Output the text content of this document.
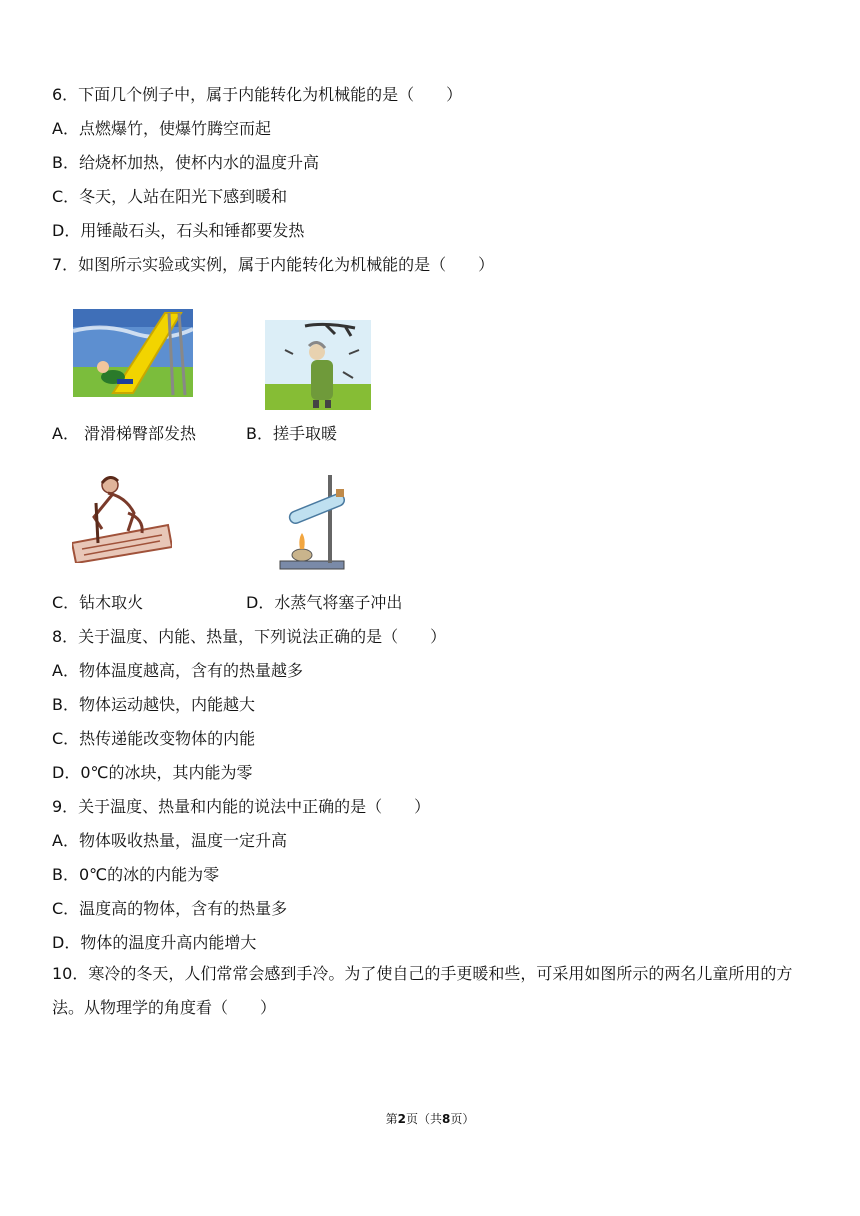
6．下面几个例子中，属于内能转化为机械能的是（　　）
A．点燃爆竹，使爆竹腾空而起
B．给烧杯加热，使杯内水的温度升高
C．冬天，人站在阳光下感到暖和
D．用锤敲石头，石头和锤都要发热
7．如图所示实验或实例，属于内能转化为机械能的是（　　）
A． 滑滑梯臀部发热	B．搓手取暖
C．钻木取火	D．水蒸气将塞子冲出
8．关于温度、内能、热量，下列说法正确的是（　　）
A．物体温度越高，含有的热量越多
B．物体运动越快，内能越大
C．热传递能改变物体的内能
D．0℃的冰块，其内能为零
9．关于温度、热量和内能的说法中正确的是（　　）
A．物体吸收热量，温度一定升高
B．0℃的冰的内能为零
C．温度高的物体，含有的热量多
D．物体的温度升高内能增大
10．寒冷的冬天，人们常常会感到手冷。为了使自己的手更暖和些，可采用如图所示的两名儿童所用的方法。从物理学的角度看（　　）
第2页（共8页）
